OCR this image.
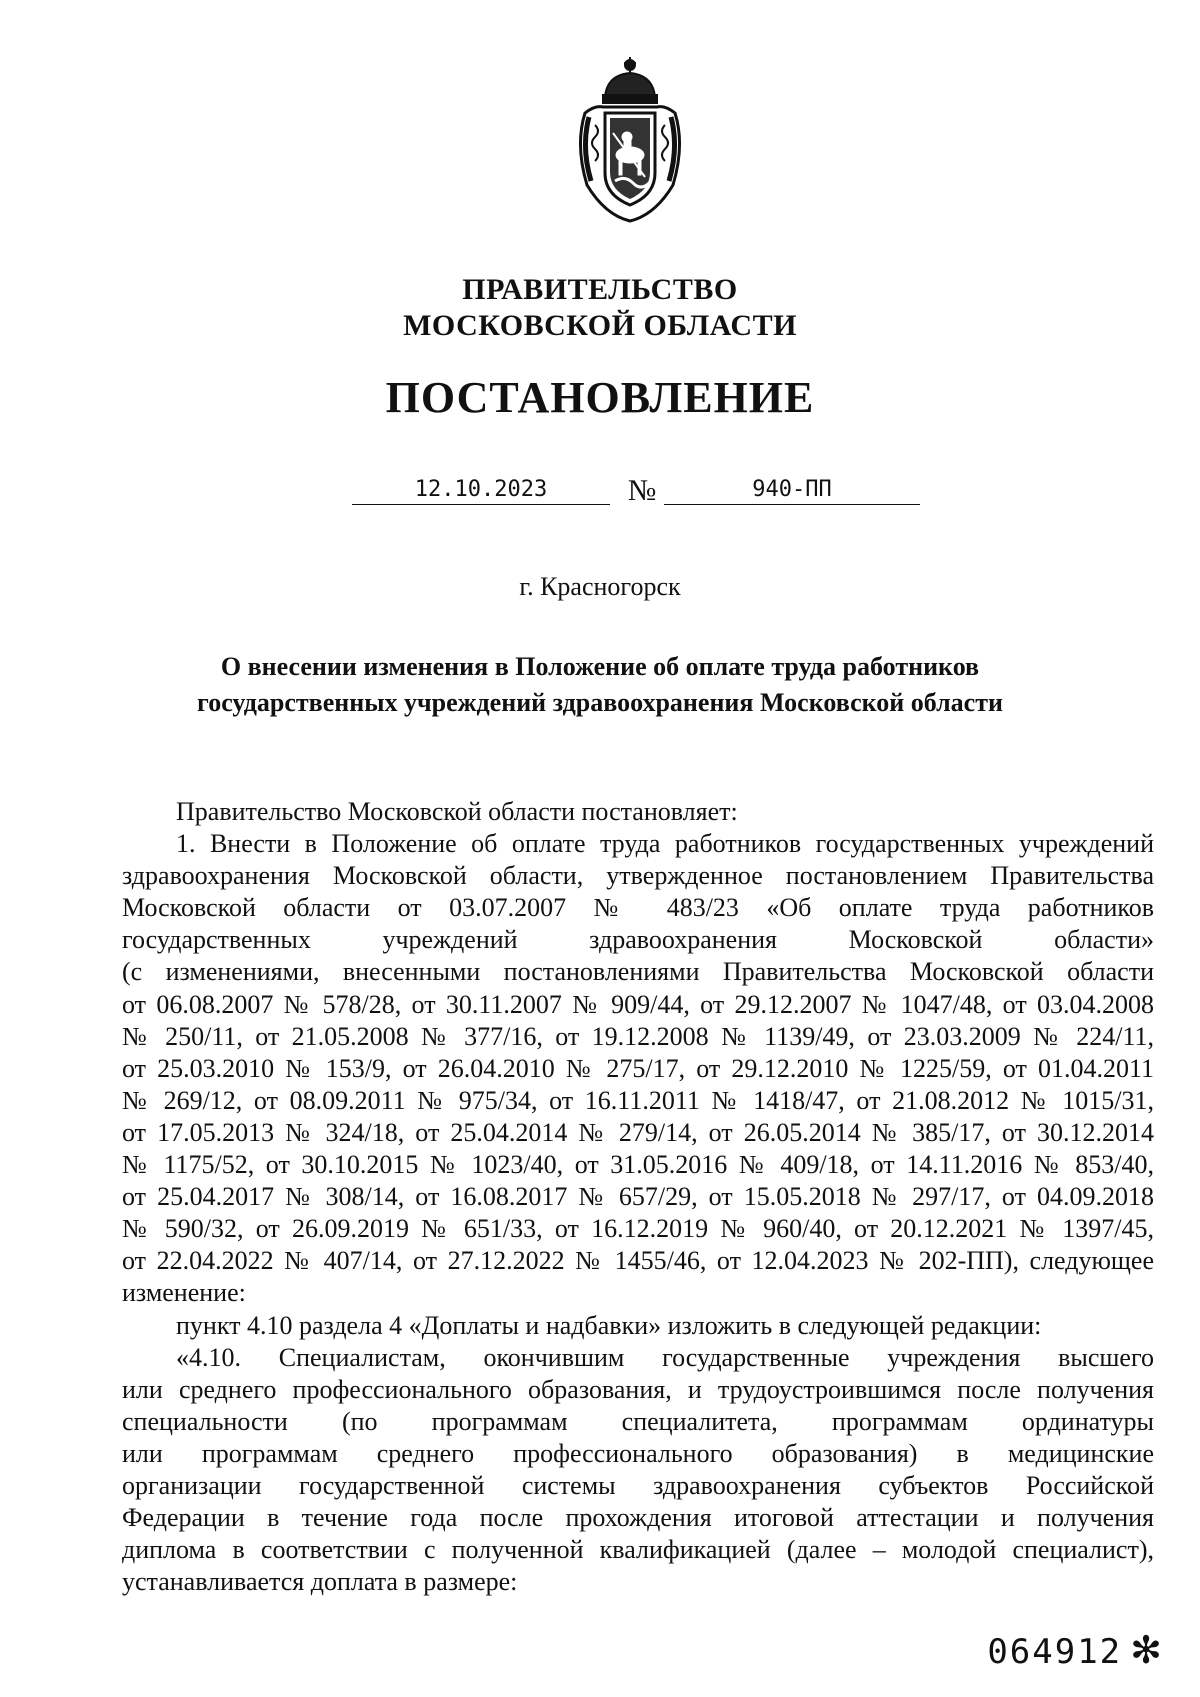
ПРАВИТЕЛЬСТВО
МОСКОВСКОЙ ОБЛАСТИ
ПОСТАНОВЛЕНИЕ
12.10.2023	№	940-ПП
г. Красногорск
О внесении изменения в Положение об оплате труда работников
государственных учреждений здравоохранения Московской области
Правительство Московской области постановляет:
1. Внести в Положение об оплате труда работников государственных учреждений
здравоохранения Московской области, утвержденное постановлением Правительства
Московской области от 03.07.2007 № 483/23 «Об оплате труда работников
государственных учреждений здравоохранения Московской области»
(с изменениями, внесенными постановлениями Правительства Московской области
от 06.08.2007 № 578/28, от 30.11.2007 № 909/44, от 29.12.2007 № 1047/48, от 03.04.2008
№ 250/11, от 21.05.2008 № 377/16, от 19.12.2008 № 1139/49, от 23.03.2009 № 224/11,
от 25.03.2010 № 153/9, от 26.04.2010 № 275/17, от 29.12.2010 № 1225/59, от 01.04.2011
№ 269/12, от 08.09.2011 № 975/34, от 16.11.2011 № 1418/47, от 21.08.2012 № 1015/31,
от 17.05.2013 № 324/18, от 25.04.2014 № 279/14, от 26.05.2014 № 385/17, от 30.12.2014
№ 1175/52, от 30.10.2015 № 1023/40, от 31.05.2016 № 409/18, от 14.11.2016 № 853/40,
от 25.04.2017 № 308/14, от 16.08.2017 № 657/29, от 15.05.2018 № 297/17, от 04.09.2018
№ 590/32, от 26.09.2019 № 651/33, от 16.12.2019 № 960/40, от 20.12.2021 № 1397/45,
от 22.04.2022 № 407/14, от 27.12.2022 № 1455/46, от 12.04.2023 № 202-ПП), следующее
изменение:
пункт 4.10 раздела 4 «Доплаты и надбавки» изложить в следующей редакции:
«4.10. Специалистам, окончившим государственные учреждения высшего
или среднего профессионального образования, и трудоустроившимся после получения
специальности (по программам специалитета, программам ординатуры
или программам среднего профессионального образования) в медицинские
организации государственной системы здравоохранения субъектов Российской
Федерации в течение года после прохождения итоговой аттестации и получения
диплома в соответствии с полученной квалификацией (далее – молодой специалист),
устанавливается доплата в размере:
064912 ✻
